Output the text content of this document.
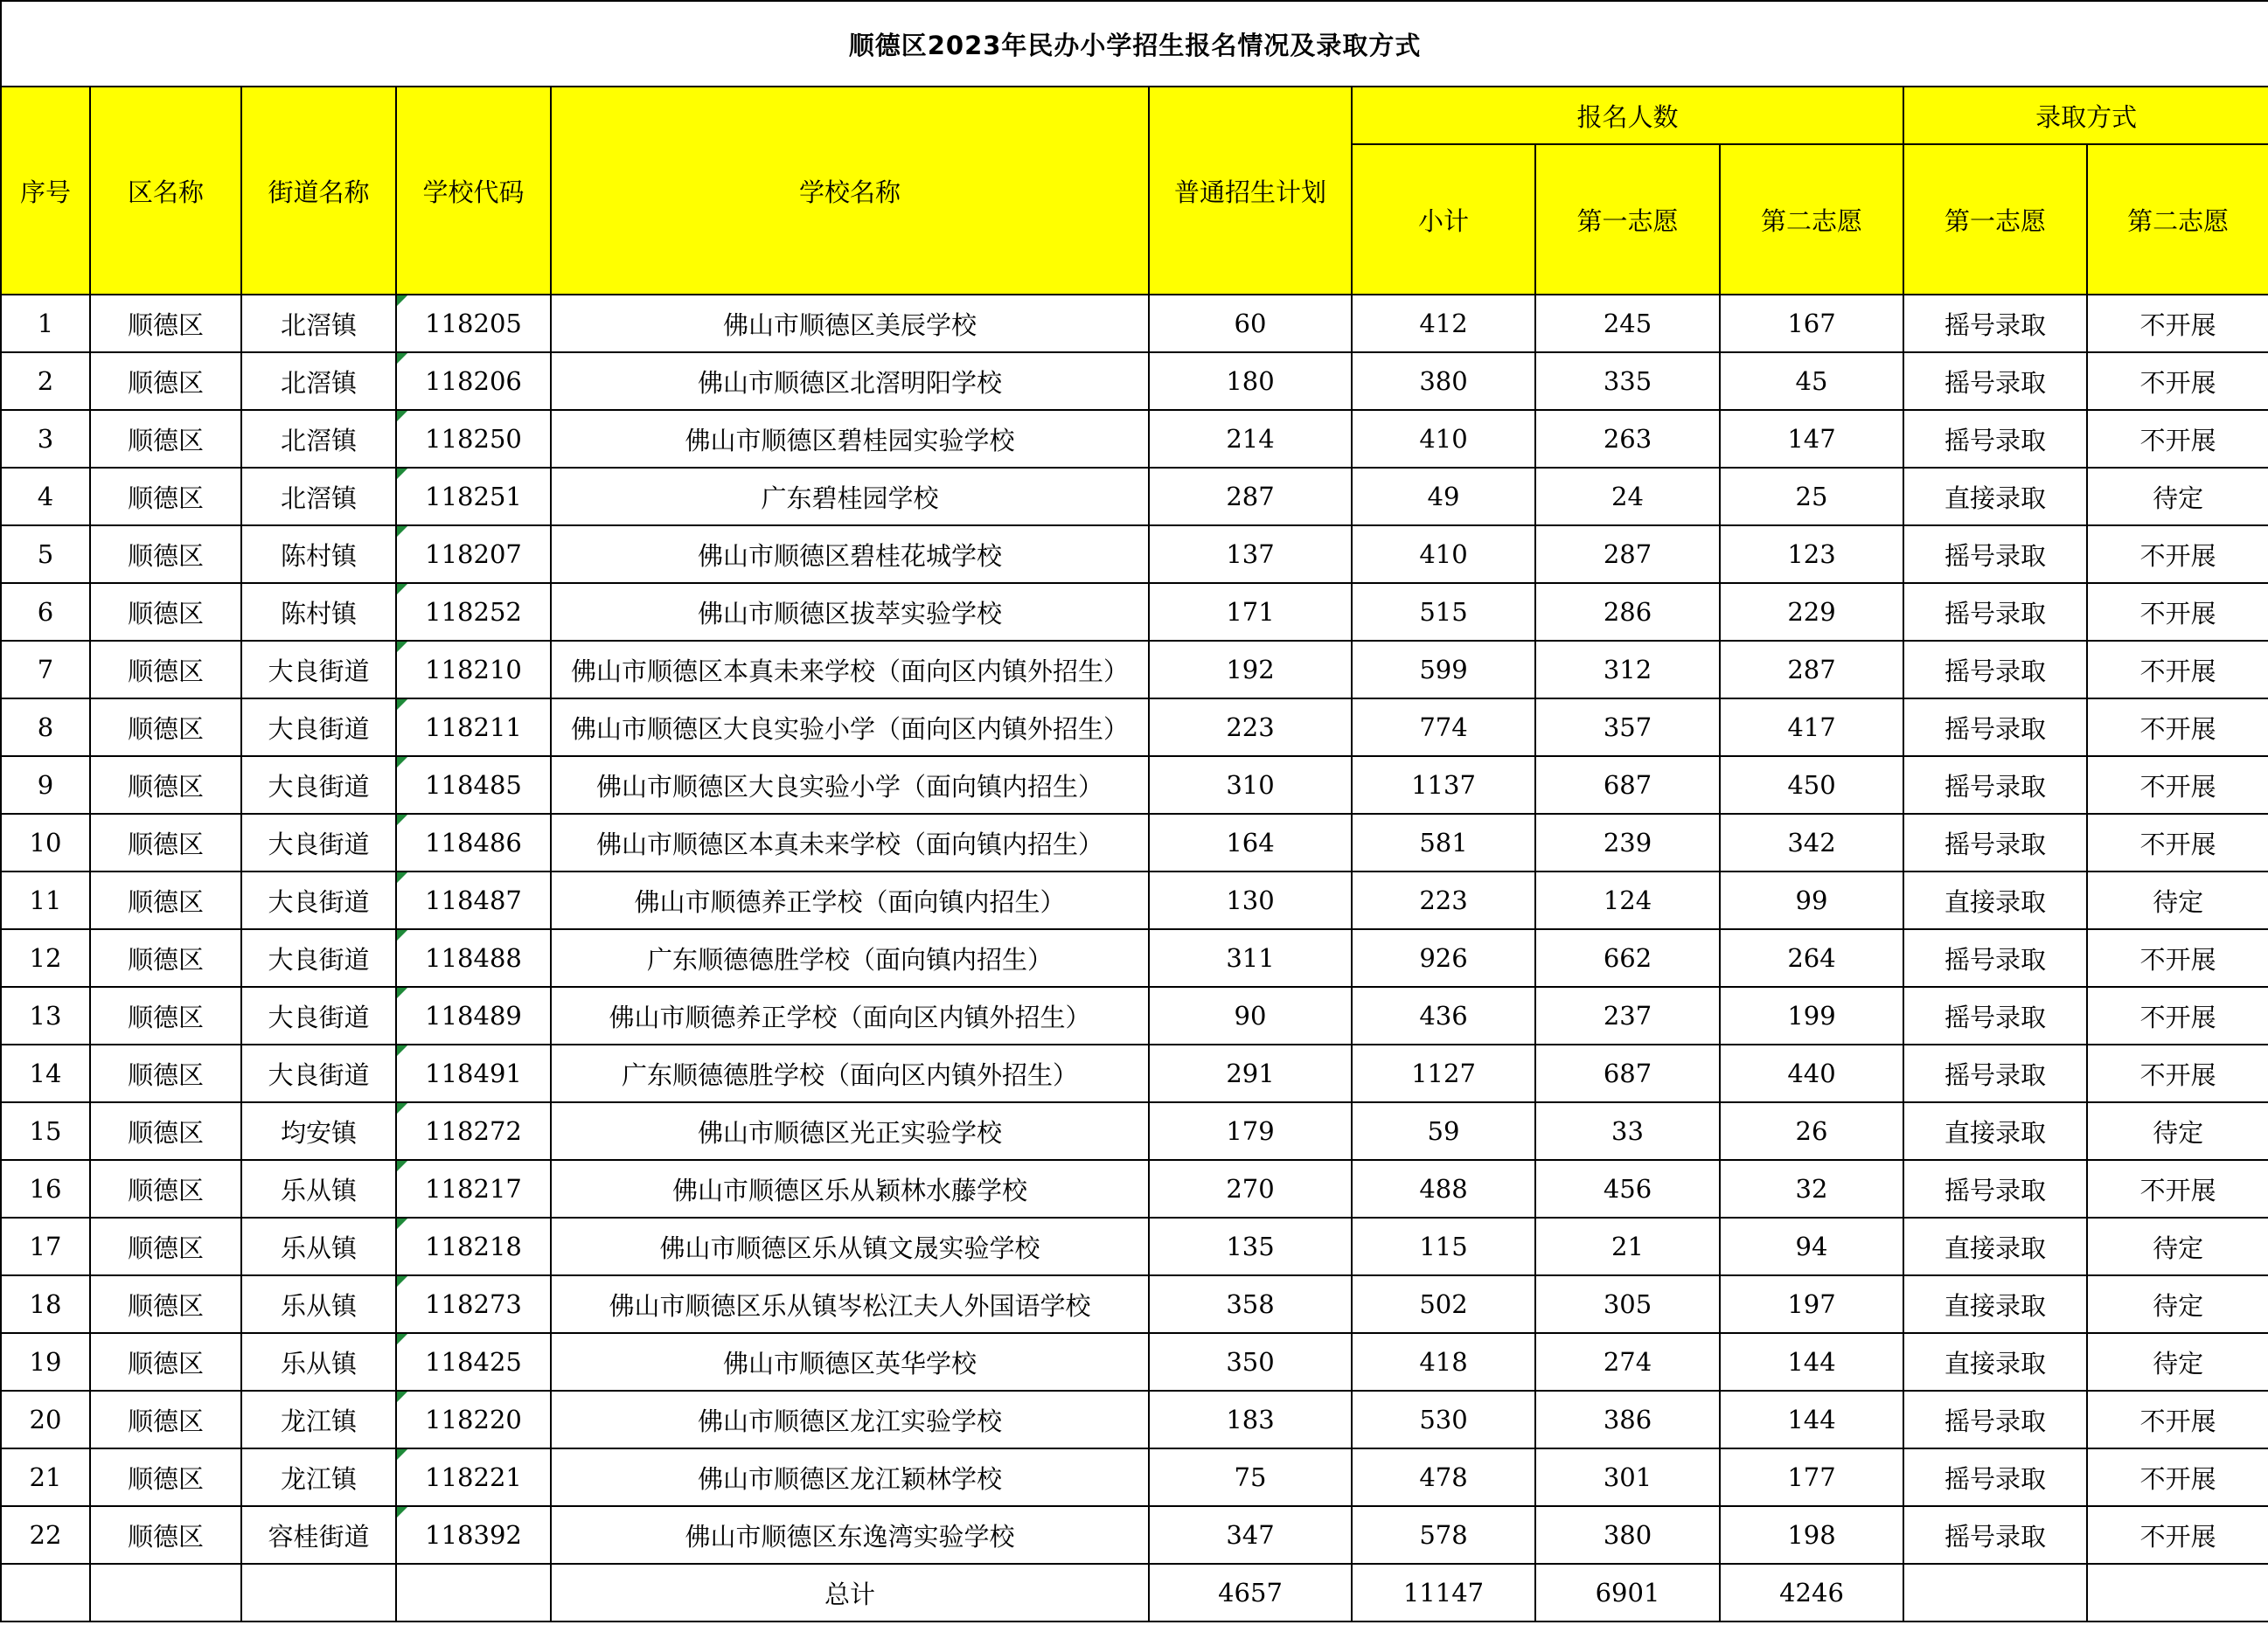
顺德区2023年民办小学招生报名情况及录取方式										
序号	区名称	街道名称	学校代码	学校名称	普通招生计划	报名人数			录取方式	
						小计	第一志愿	第二志愿	第一志愿	第二志愿
1	顺德区	北滘镇	118205	佛山市顺德区美辰学校	60	412	245	167	摇号录取	不开展
2	顺德区	北滘镇	118206	佛山市顺德区北滘明阳学校	180	380	335	45	摇号录取	不开展
3	顺德区	北滘镇	118250	佛山市顺德区碧桂园实验学校	214	410	263	147	摇号录取	不开展
4	顺德区	北滘镇	118251	广东碧桂园学校	287	49	24	25	直接录取	待定
5	顺德区	陈村镇	118207	佛山市顺德区碧桂花城学校	137	410	287	123	摇号录取	不开展
6	顺德区	陈村镇	118252	佛山市顺德区拔萃实验学校	171	515	286	229	摇号录取	不开展
7	顺德区	大良街道	118210	佛山市顺德区本真未来学校（面向区内镇外招生）	192	599	312	287	摇号录取	不开展
8	顺德区	大良街道	118211	佛山市顺德区大良实验小学（面向区内镇外招生）	223	774	357	417	摇号录取	不开展
9	顺德区	大良街道	118485	佛山市顺德区大良实验小学（面向镇内招生）	310	1137	687	450	摇号录取	不开展
10	顺德区	大良街道	118486	佛山市顺德区本真未来学校（面向镇内招生）	164	581	239	342	摇号录取	不开展
11	顺德区	大良街道	118487	佛山市顺德养正学校（面向镇内招生）	130	223	124	99	直接录取	待定
12	顺德区	大良街道	118488	广东顺德德胜学校（面向镇内招生）	311	926	662	264	摇号录取	不开展
13	顺德区	大良街道	118489	佛山市顺德养正学校（面向区内镇外招生）	90	436	237	199	摇号录取	不开展
14	顺德区	大良街道	118491	广东顺德德胜学校（面向区内镇外招生）	291	1127	687	440	摇号录取	不开展
15	顺德区	均安镇	118272	佛山市顺德区光正实验学校	179	59	33	26	直接录取	待定
16	顺德区	乐从镇	118217	佛山市顺德区乐从颖林水藤学校	270	488	456	32	摇号录取	不开展
17	顺德区	乐从镇	118218	佛山市顺德区乐从镇文晟实验学校	135	115	21	94	直接录取	待定
18	顺德区	乐从镇	118273	佛山市顺德区乐从镇岑松江夫人外国语学校	358	502	305	197	直接录取	待定
19	顺德区	乐从镇	118425	佛山市顺德区英华学校	350	418	274	144	直接录取	待定
20	顺德区	龙江镇	118220	佛山市顺德区龙江实验学校	183	530	386	144	摇号录取	不开展
21	顺德区	龙江镇	118221	佛山市顺德区龙江颖林学校	75	478	301	177	摇号录取	不开展
22	顺德区	容桂街道	118392	佛山市顺德区东逸湾实验学校	347	578	380	198	摇号录取	不开展
				总计	4657	11147	6901	4246		
